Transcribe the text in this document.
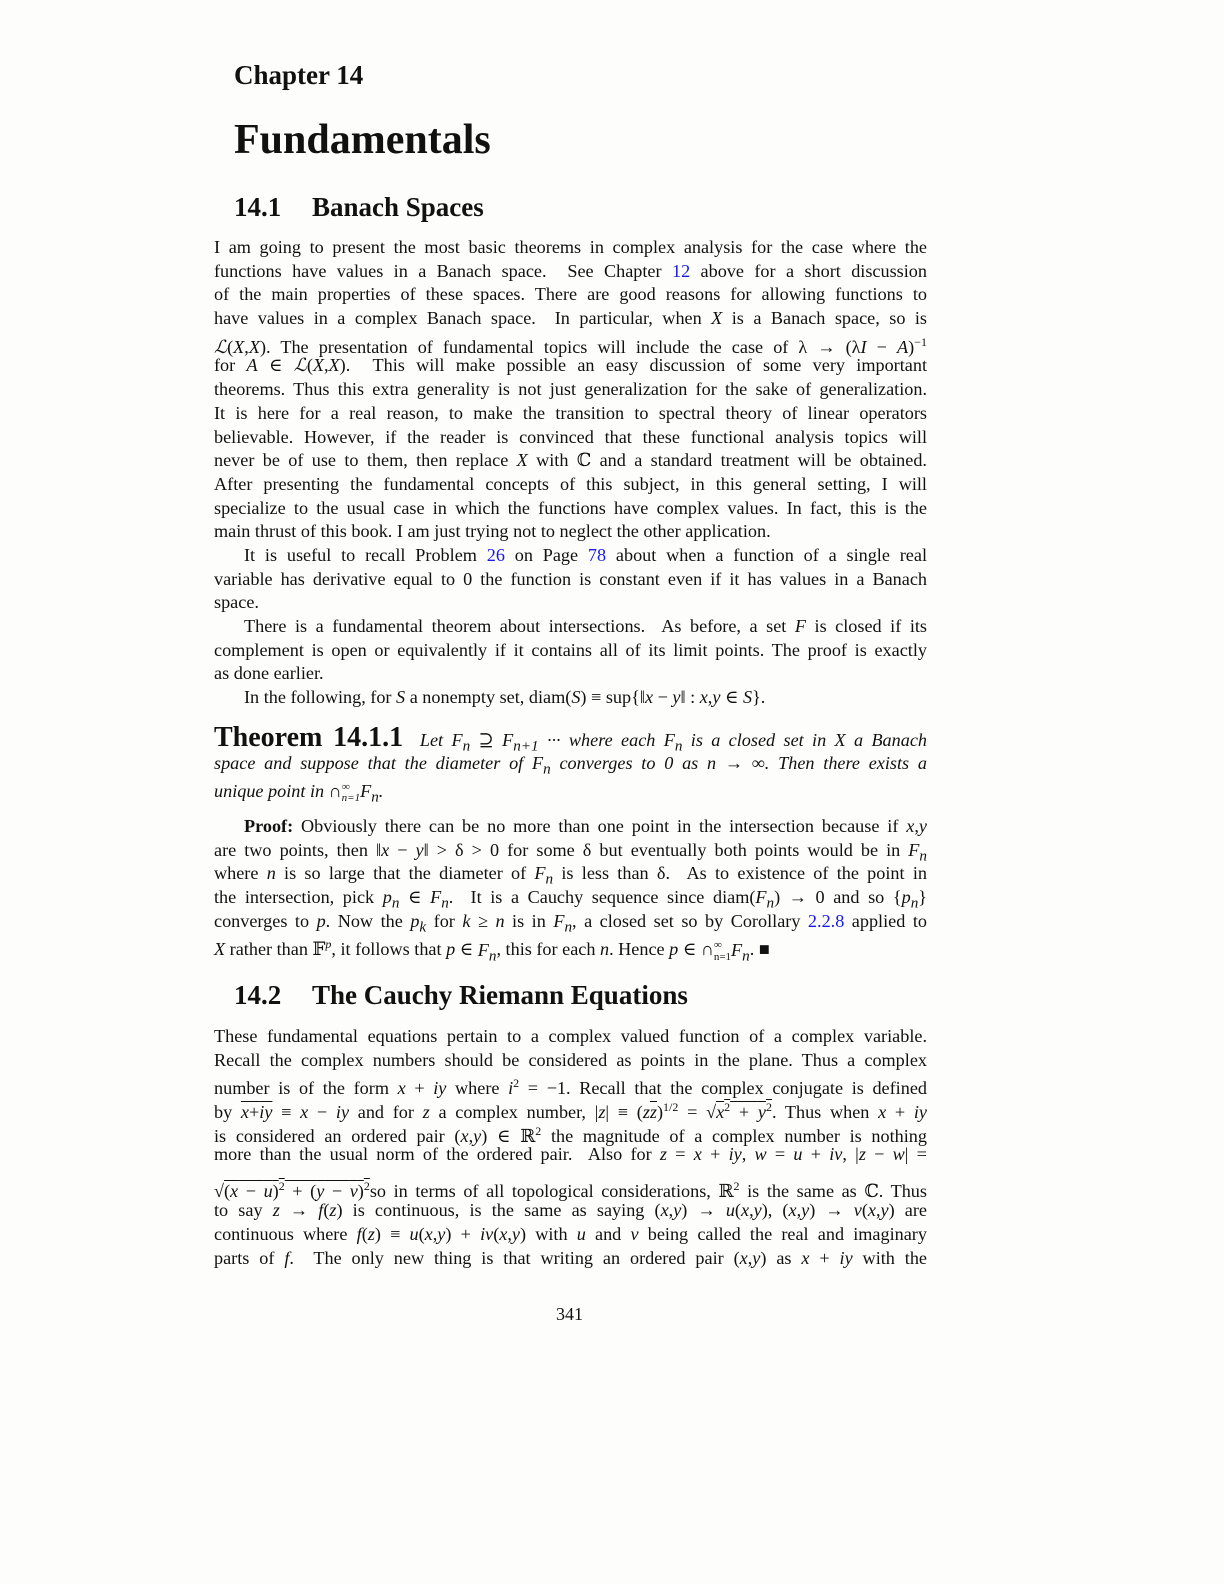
Chapter 14
Fundamentals
14.1 Banach Spaces
I am going to present the most basic theorems in complex analysis for the case where the
functions have values in a Banach space.  See Chapter 12 above for a short discussion
of the main properties of these spaces. There are good reasons for allowing functions to
have values in a complex Banach space.  In particular, when X is a Banach space, so is
ℒ(X,X). The presentation of fundamental topics will include the case of $\lambda \to (\lambda I - A)^{-1}$
for A ∈ ℒ(X,X).  This will make possible an easy discussion of some very important
theorems. Thus this extra generality is not just generalization for the sake of generalization.
It is here for a real reason, to make the transition to spectral theory of linear operators
believable. However, if the reader is convinced that these functional analysis topics will
never be of use to them, then replace X with ℂ and a standard treatment will be obtained.
After presenting the fundamental concepts of this subject, in this general setting, I will
specialize to the usual case in which the functions have complex values. In fact, this is the
main thrust of this book. I am just trying not to neglect the other application.
It is useful to recall Problem 26 on Page 78 about when a function of a single real
variable has derivative equal to 0 the function is constant even if it has values in a Banach
space.
There is a fundamental theorem about intersections.  As before, a set F is closed if its
complement is open or equivalently if it contains all of its limit points. The proof is exactly
as done earlier.
In the following, for S a nonempty set, diam(S) ≡ sup{‖x − y‖ : x,y ∈ S}.
Theorem 14.1.1  Let $F_n$ ⊇ $F_{n+1}$ ··· where each $F_n$ is a closed set in X a Banach
space and suppose that the diameter of $F_n$ converges to 0 as n → ∞. Then there exists a
unique point in $\cap^\infty_{n=1}F_n$.
Proof: Obviously there can be no more than one point in the intersection because if x,y
are two points, then ‖x − y‖ > δ > 0 for some δ but eventually both points would be in $F_n$
where n is so large that the diameter of $F_n$ is less than δ.  As to existence of the point in
the intersection, pick $p_n$ ∈ $F_n$.  It is a Cauchy sequence since $diam(F_n) \to 0$ and so $\{p_n\}$
converges to p. Now the $p_k$ for k ≥ n is in $F_n$, a closed set so by Corollary 2.2.8 applied to
X rather than 𝔽$^p$, it follows that p ∈ $F_n$, this for each n. Hence p ∈ $\cap^\infty_{n=1}F_n$. ■
14.2 The Cauchy Riemann Equations
These fundamental equations pertain to a complex valued function of a complex variable.
Recall the complex numbers should be considered as points in the plane. Thus a complex
number is of the form x + iy where $i^2 = -1$. Recall that the complex conjugate is defined
by x+iy ≡ x − iy and for z a complex number, $|z| \equiv (z\overline{z})^{1/2} = √x^2 + y^2$. Thus when x + iy
is considered an ordered pair (x,y) ∈ ℝ$^2$ the magnitude of a complex number is nothing
more than the usual norm of the ordered pair.  Also for z = x + iy, w = u + iv, |z − w| =
$√(x - u)^2 + (y - v)^2so$ in terms of all topological considerations, ℝ$^2$ is the same as ℂ. Thus
to say z → f(z) is continuous, is the same as saying (x,y) → u(x,y), (x,y) → v(x,y) are
continuous where f(z) ≡ u(x,y) + iv(x,y) with u and v being called the real and imaginary
parts of f.  The only new thing is that writing an ordered pair (x,y) as x + iy with the
341
